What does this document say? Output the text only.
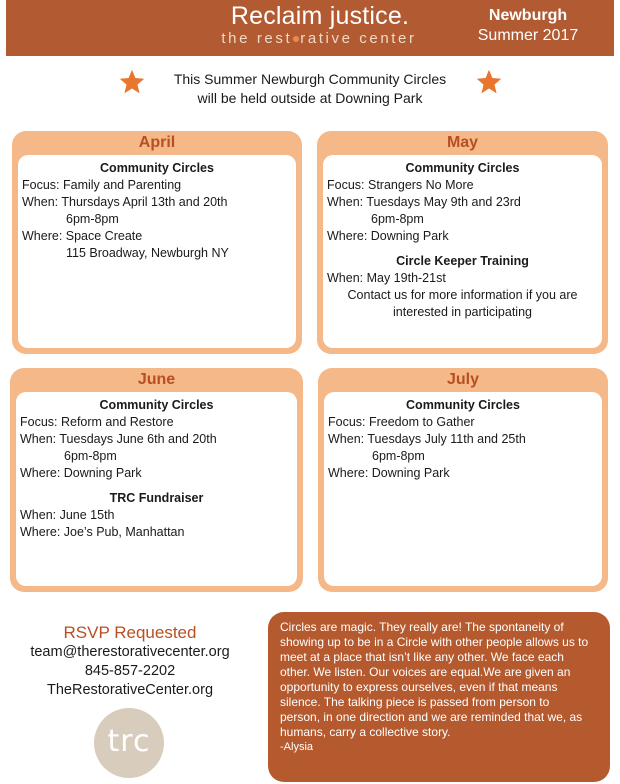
Reclaim justice.
the rest rative center
Newburgh
Summer 2017
This Summer Newburgh Community Circles
will be held outside at Downing Park
April
Community Circles
Focus: Family and Parenting
When: Thursdays April 13th and 20th
6pm-8pm
Where: Space Create
115 Broadway, Newburgh NY
May
Community Circles
Focus: Strangers No More
When: Tuesdays May 9th and 23rd
6pm-8pm
Where: Downing Park
Circle Keeper Training
When: May 19th-21st
Contact us for more information if you are
interested in participating
June
Community Circles
Focus: Reform and Restore
When: Tuesdays June 6th and 20th
6pm-8pm
Where: Downing Park
TRC Fundraiser
When: June 15th
Where: Joe’s Pub, Manhattan
July
Community Circles
Focus: Freedom to Gather
When: Tuesdays July 11th and 25th
6pm-8pm
Where: Downing Park
RSVP Requested
team@therestorativecenter.org
845-857-2202
TheRestorativeCenter.org
trc
Circles are magic. They really are! The spontaneity of
showing up to be in a Circle with other people allows us to
meet at a place that isn’t like any other. We face each
other. We listen. Our voices are equal.We are given an
opportunity to express ourselves, even if that means
silence. The talking piece is passed from person to
person, in one direction and we are reminded that we, as
humans, carry a collective story.
-Alysia
